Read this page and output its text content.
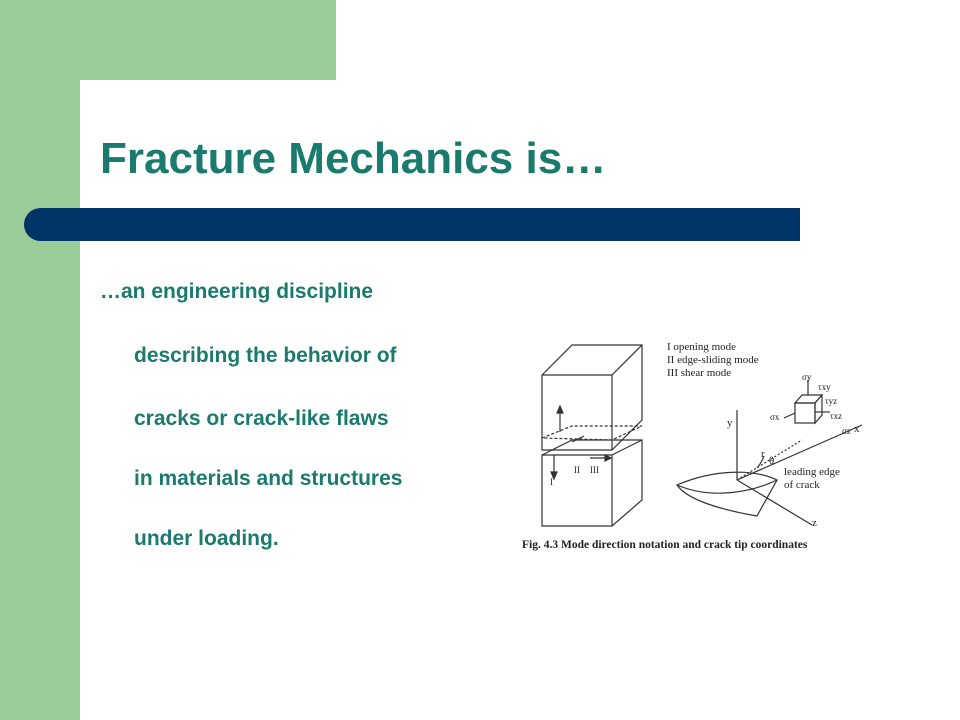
Fracture Mechanics is…
…an engineering discipline
describing the behavior of
cracks or crack-like flaws
in materials and structures
under loading.
I opening mode
II edge-sliding mode
III shear mode
I
II III
y	x
z
r
θ
σy
τxy
τyz
σx	τxz
σz
leading edge
of crack
Fig. 4.3 Mode direction notation and crack tip coordinates
